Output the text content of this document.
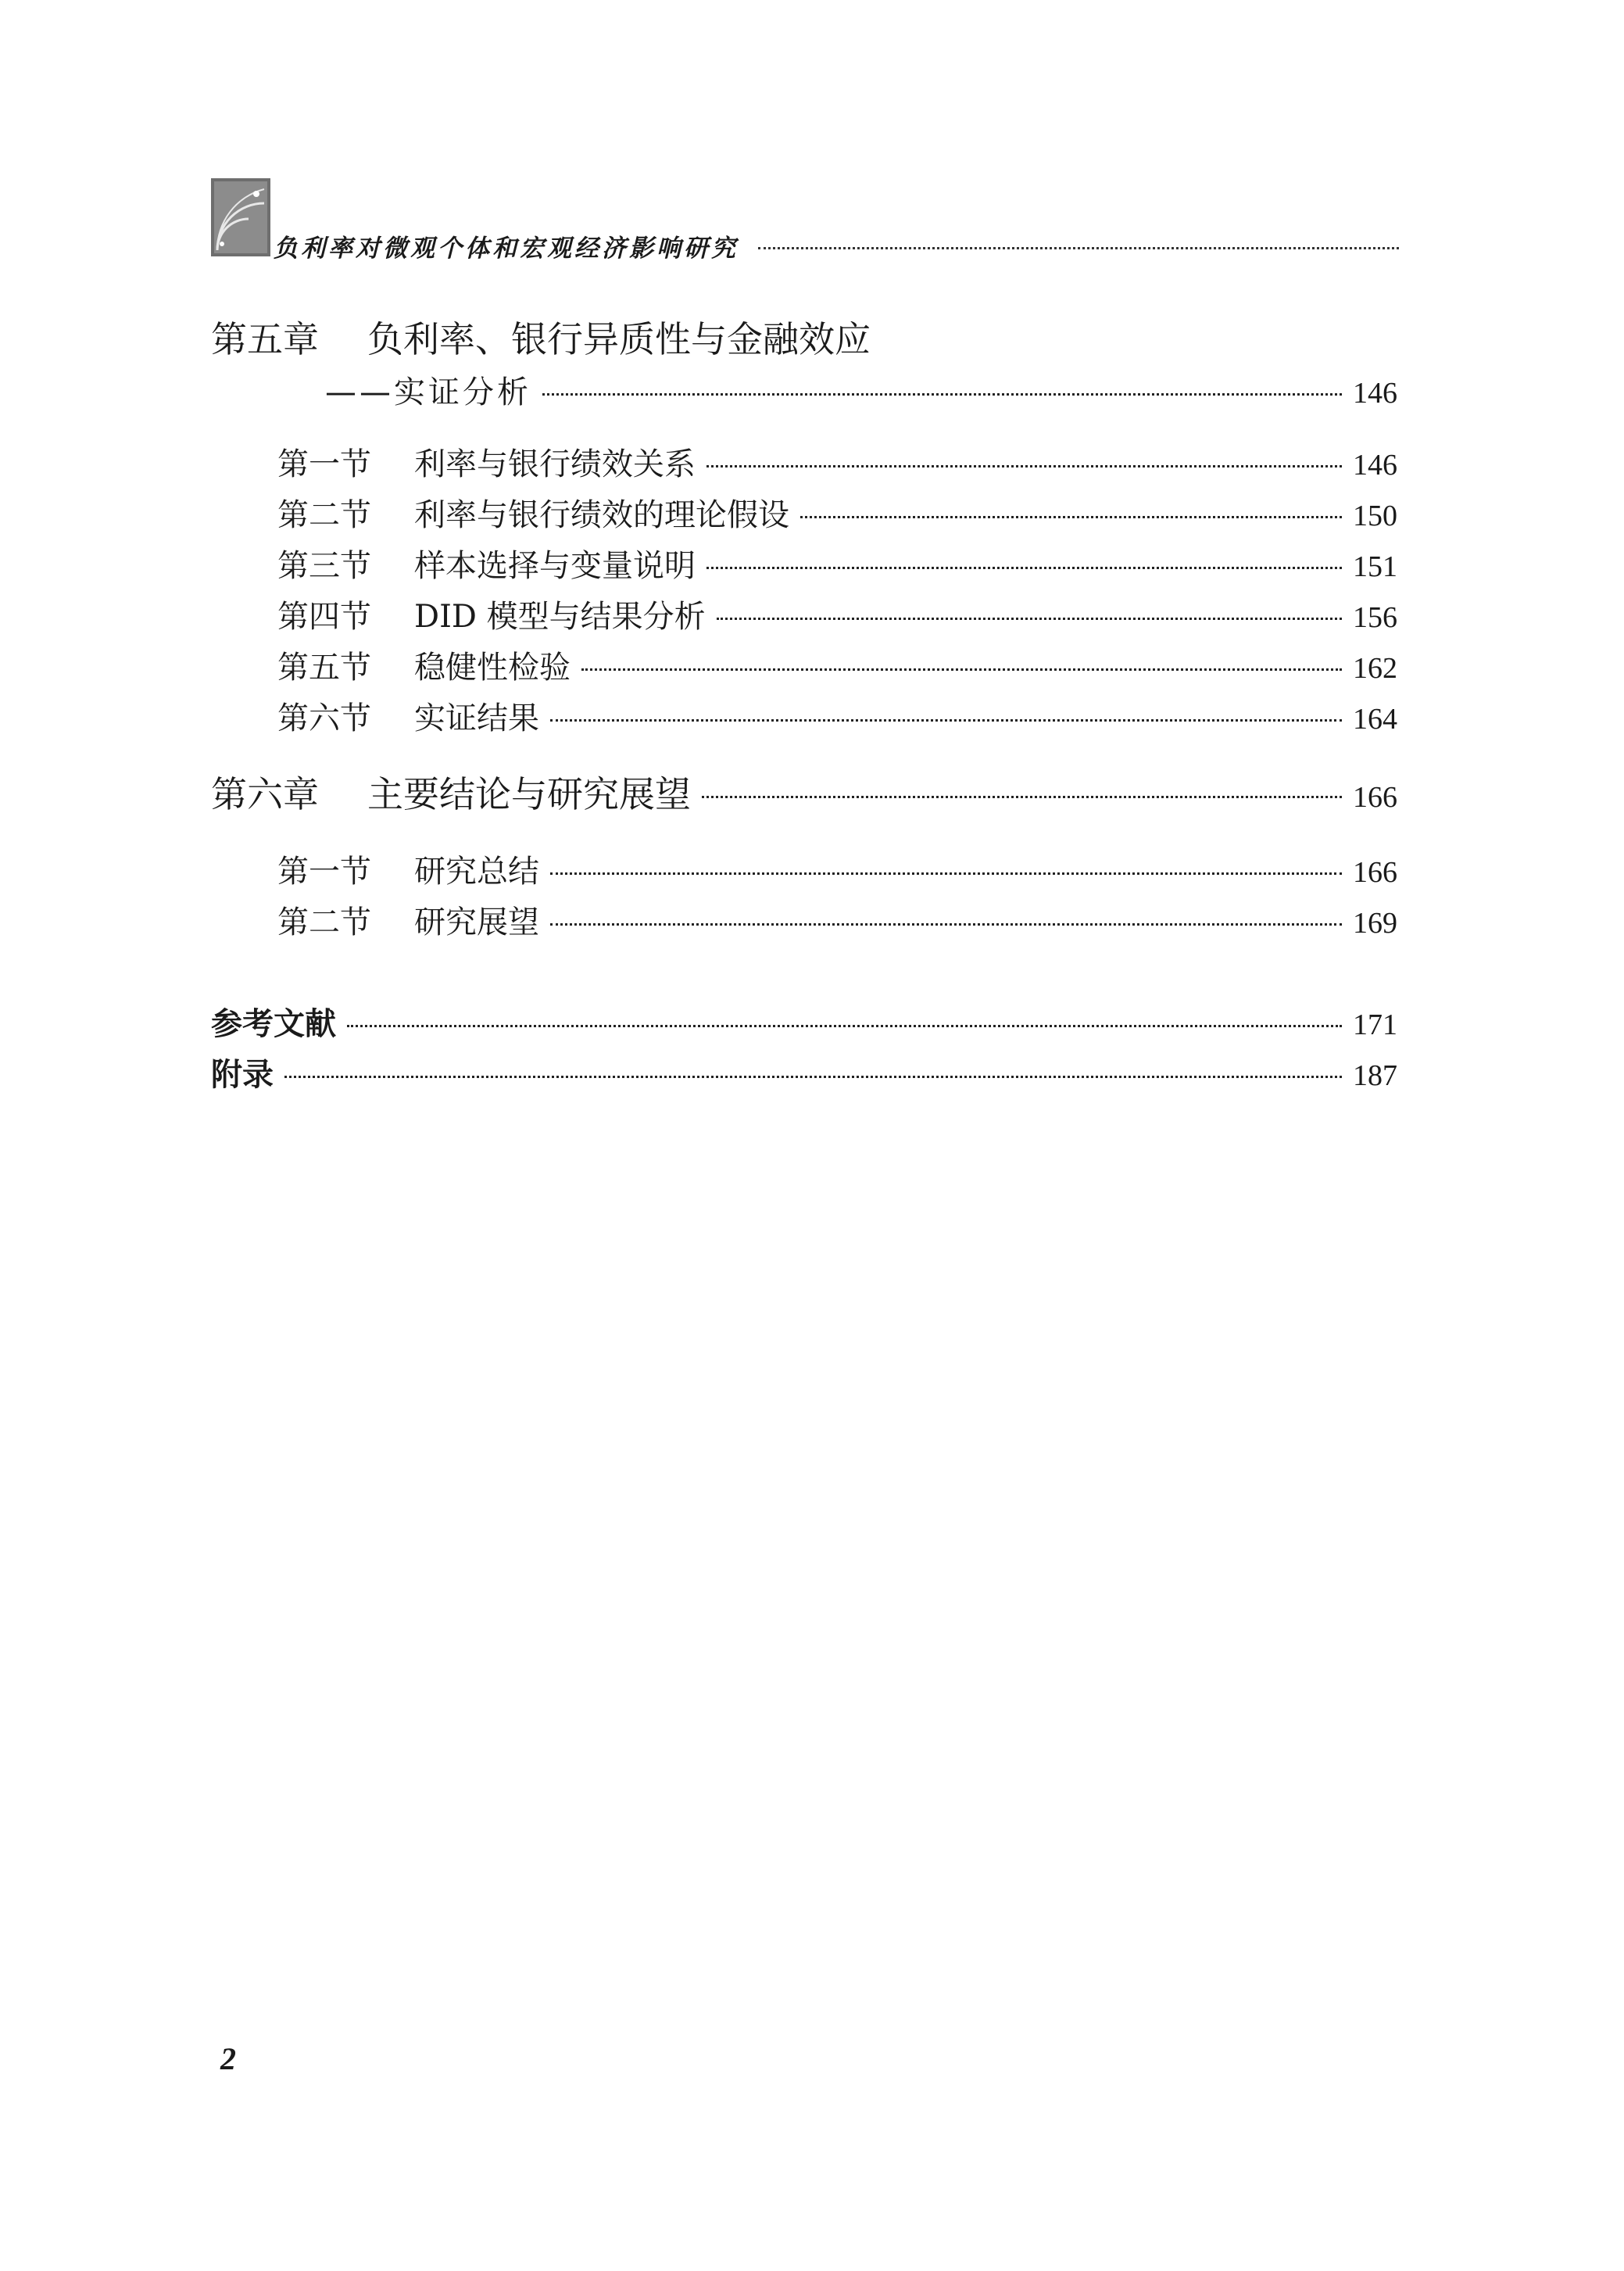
负利率对微观个体和宏观经济影响研究
第五章 负利率、银行异质性与金融效应
——实证分析	146
第一节 利率与银行绩效关系	146
第二节 利率与银行绩效的理论假设	150
第三节 样本选择与变量说明	151
第四节 DID 模型与结果分析	156
第五节 稳健性检验	162
第六节 实证结果	164
第六章 主要结论与研究展望	166
第一节 研究总结	166
第二节 研究展望	169
参考文献	171
附录	187
2
